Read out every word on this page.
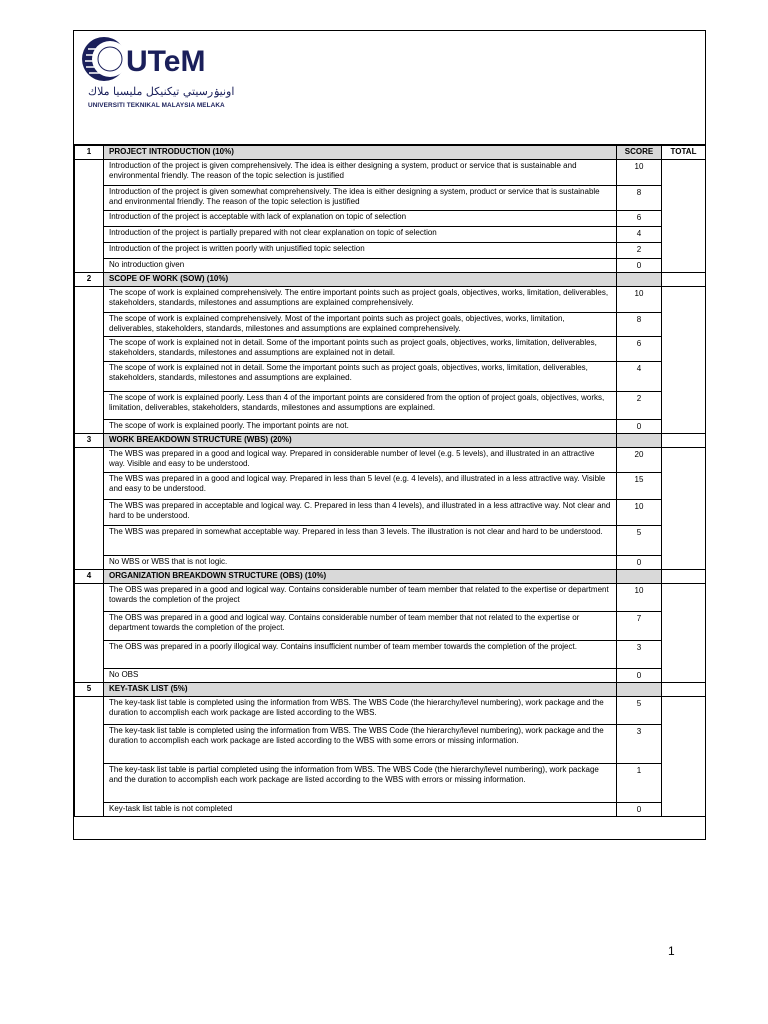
UTeM
اونيۏرسيتي تيكنيكل مليسيا ملاك
UNIVERSITI TEKNIKAL MALAYSIA MELAKA
1	PROJECT INTRODUCTION (10%)	SCORE	TOTAL
	Introduction of the project is given comprehensively. The idea is either designing a system, product or service that is sustainable and environmental friendly. The reason of the topic selection is justified	10	
	Introduction of the project is given somewhat comprehensively. The idea is either designing a system, product or service that is sustainable and environmental friendly. The reason of the topic selection is justified	8	
	Introduction of the project is acceptable with lack of explanation on topic of selection	6	
	Introduction of the project is partially prepared with not clear explanation on topic of selection	4	
	Introduction of the project is written poorly with unjustified topic selection	2	
	No introduction given	0	
2	SCOPE OF WORK (SOW) (10%)		
	The scope of work is explained comprehensively. The entire important points such as project goals, objectives, works, limitation, deliverables, stakeholders, standards, milestones and assumptions are explained comprehensively.	10	
	The scope of work is explained comprehensively. Most of the important points such as project goals, objectives, works, limitation, deliverables, stakeholders, standards, milestones and assumptions are explained comprehensively.	8	
	The scope of work is explained not in detail. Some of the important points such as project goals, objectives, works, limitation, deliverables, stakeholders, standards, milestones and assumptions are explained not in detail.	6	
	The scope of work is explained not in detail. Some the important points such as project goals, objectives, works, limitation, deliverables, stakeholders, standards, milestones and assumptions are explained.	4	
	The scope of work is explained poorly. Less than 4 of the important points are considered from the option of project goals, objectives, works, limitation, deliverables, stakeholders, standards, milestones and assumptions are explained.	2	
	The scope of work is explained poorly. The important points are not.	0	
3	WORK BREAKDOWN STRUCTURE (WBS) (20%)		
	The WBS was prepared in a good and logical way. Prepared in considerable number of level (e.g. 5 levels), and illustrated in an attractive way. Visible and easy to be understood.	20	
	The WBS was prepared in a good and logical way. Prepared in less than 5 level (e.g. 4 levels), and illustrated in a less attractive way. Visible and easy to be understood.	15	
	The WBS was prepared in acceptable and logical way. C. Prepared in less than 4 levels), and illustrated in a less attractive way. Not clear and hard to be understood.	10	
	The WBS was prepared in somewhat acceptable way. Prepared in less than 3 levels. The illustration is not clear and hard to be understood.	5	
	No WBS or WBS that is not logic.	0	
4	ORGANIZATION BREAKDOWN STRUCTURE (OBS) (10%)		
	The OBS was prepared in a good and logical way. Contains considerable number of team member that related to the expertise or department towards the completion of the project	10	
	The OBS was prepared in a good and logical way. Contains considerable number of team member that not related to the expertise or department towards the completion of the project.	7	
	The OBS was prepared in a poorly illogical way. Contains insufficient number of team member towards the completion of the project.	3	
	No OBS	0	
5	KEY-TASK LIST (5%)		
	The key-task list table is completed using the information from WBS. The WBS Code (the hierarchy/level numbering), work package and the duration to accomplish each work package are listed according to the WBS.	5	
	The key-task list table is completed using the information from WBS. The WBS Code (the hierarchy/level numbering), work package and the duration to accomplish each work package are listed according to the WBS with some errors or missing information.	3	
	The key-task list table is partial completed using the information from WBS. The WBS Code (the hierarchy/level numbering), work package and the duration to accomplish each work package are listed according to the WBS with errors or missing information.	1	
	Key-task list table is not completed	0	
1
